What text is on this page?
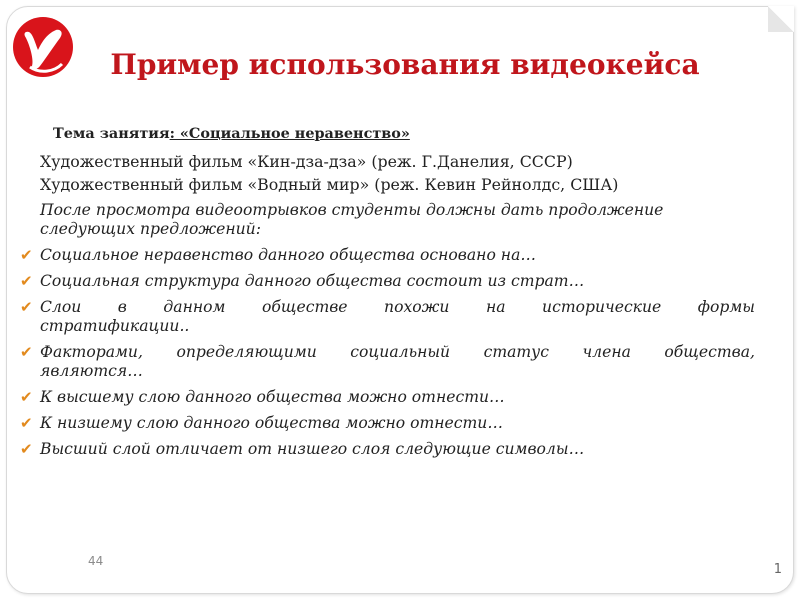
Пример использования видеокейса
Тема занятия: «Социальное неравенство»
Художественный фильм «Кин-дза-дза» (реж. Г.Данелия, СССР)
Художественный фильм «Водный мир» (реж. Кевин Рейнолдс, США)
После просмотра видеоотрывков студенты должны дать продолжение следующих предложений:
✔ Социальное неравенство данного общества основано на…
✔ Социальная структура данного общества состоит из страт…
✔ Слои в данном обществе похожи на исторические формы
стратификации..
✔ Факторами, определяющими социальный статус члена общества,
являются…
✔ К высшему слою данного общества можно отнести…
✔ К низшему слою данного общества можно отнести…
✔ Высший слой отличает от низшего слоя следующие символы…
44
1
